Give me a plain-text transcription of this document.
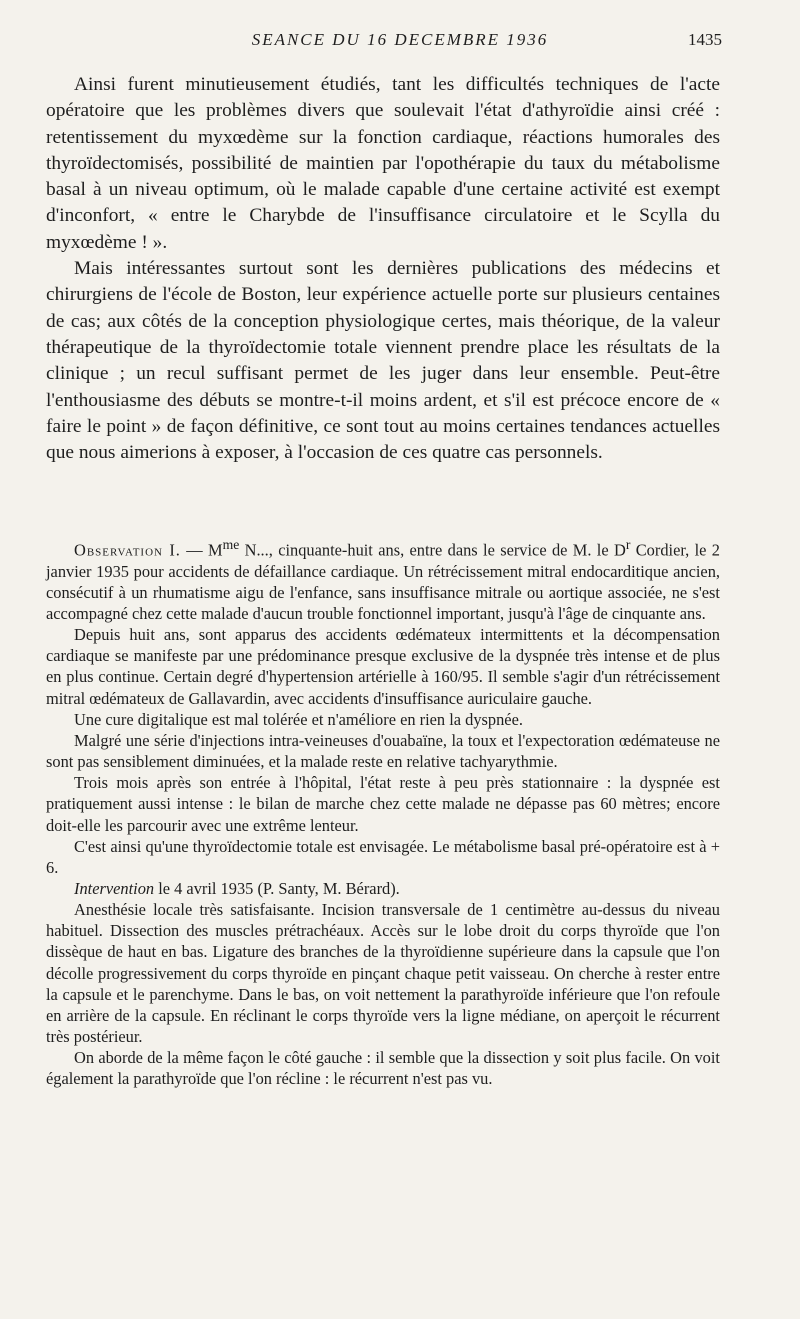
SEANCE DU 16 DECEMBRE 1936	1435

Ainsi furent minutieusement étudiés, tant les difficultés techniques de l'acte opératoire que les problèmes divers que soulevait l'état d'athyroïdie ainsi créé : retentissement du myxœdème sur la fonction cardiaque, réactions humorales des thyroïdectomisés, possibilité de maintien par l'opothérapie du taux du métabolisme basal à un niveau optimum, où le malade capable d'une certaine activité est exempt d'inconfort, « entre le Charybde de l'insuffisance circulatoire et le Scylla du myxœdème ! ».

Mais intéressantes surtout sont les dernières publications des médecins et chirurgiens de l'école de Boston, leur expérience actuelle porte sur plusieurs centaines de cas; aux côtés de la conception physiologique certes, mais théorique, de la valeur thérapeutique de la thyroïdectomie totale viennent prendre place les résultats de la clinique ; un recul suffisant permet de les juger dans leur ensemble. Peut-être l'enthousiasme des débuts se montre-t-il moins ardent, et s'il est précoce encore de « faire le point » de façon définitive, ce sont tout au moins certaines tendances actuelles que nous aimerions à exposer, à l'occasion de ces quatre cas personnels.

Observation I. — $M^{me}$ N..., cinquante-huit ans, entre dans le service de M. le $D^r$ Cordier, le 2 janvier 1935 pour accidents de défaillance cardiaque. Un rétrécissement mitral endocarditique ancien, consécutif à un rhumatisme aigu de l'enfance, sans insuffisance mitrale ou aortique associée, ne s'est accompagné chez cette malade d'aucun trouble fonctionnel important, jusqu'à l'âge de cinquante ans.

Depuis huit ans, sont apparus des accidents œdémateux intermittents et la décompensation cardiaque se manifeste par une prédominance presque exclusive de la dyspnée très intense et de plus en plus continue. Certain degré d'hypertension artérielle à 160/95. Il semble s'agir d'un rétrécissement mitral œdémateux de Gallavardin, avec accidents d'insuffisance auriculaire gauche.

Une cure digitalique est mal tolérée et n'améliore en rien la dyspnée.

Malgré une série d'injections intra-veineuses d'ouabaïne, la toux et l'expectoration œdémateuse ne sont pas sensiblement diminuées, et la malade reste en relative tachyarythmie.

Trois mois après son entrée à l'hôpital, l'état reste à peu près stationnaire : la dyspnée est pratiquement aussi intense : le bilan de marche chez cette malade ne dépasse pas 60 mètres; encore doit-elle les parcourir avec une extrême lenteur.

C'est ainsi qu'une thyroïdectomie totale est envisagée. Le métabolisme basal pré-opératoire est à + 6.

Intervention le 4 avril 1935 (P. Santy, M. Bérard).

Anesthésie locale très satisfaisante. Incision transversale de 1 centimètre au-dessus du niveau habituel. Dissection des muscles prétrachéaux. Accès sur le lobe droit du corps thyroïde que l'on dissèque de haut en bas. Ligature des branches de la thyroïdienne supérieure dans la capsule que l'on décolle progressivement du corps thyroïde en pinçant chaque petit vaisseau. On cherche à rester entre la capsule et le parenchyme. Dans le bas, on voit nettement la parathyroïde inférieure que l'on refoule en arrière de la capsule. En réclinant le corps thyroïde vers la ligne médiane, on aperçoit le récurrent très postérieur.

On aborde de la même façon le côté gauche : il semble que la dissection y soit plus facile. On voit également la parathyroïde que l'on récline : le récurrent n'est pas vu.
